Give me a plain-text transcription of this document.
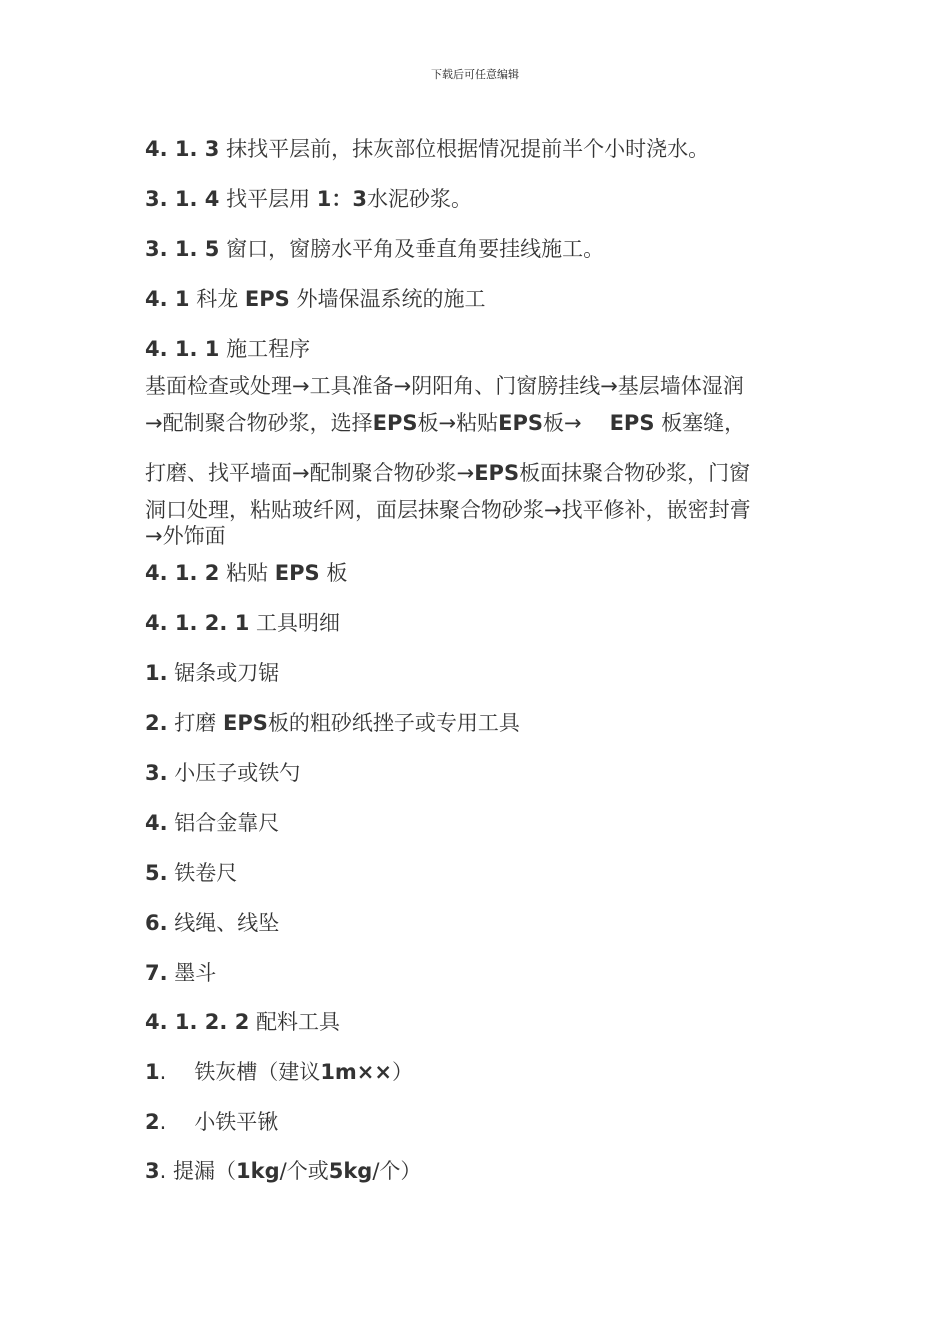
下载后可任意编辑
4. 1. 3 抹找平层前，抹灰部位根据情况提前半个小时浇水。
3. 1. 4 找平层用 1：3水泥砂浆。
3. 1. 5 窗口，窗膀水平角及垂直角要挂线施工。
4. 1 科龙 EPS 外墙保温系统的施工
4. 1. 1 施工程序
基面检查或处理→工具准备→阴阳角、门窗膀挂线→基层墙体湿润
→配制聚合物砂浆，选择EPS板→粘贴EPS板→ EPS 板塞缝，
打磨、找平墙面→配制聚合物砂浆→EPS板面抹聚合物砂浆，门窗
洞口处理，粘贴玻纤网，面层抹聚合物砂浆→找平修补，嵌密封膏
→外饰面
4. 1. 2 粘贴 EPS 板
4. 1. 2. 1 工具明细
1. 锯条或刀锯
2. 打磨 EPS板的粗砂纸挫子或专用工具
3. 小压子或铁勺
4. 铝合金靠尺
5. 铁卷尺
6. 线绳、线坠
7. 墨斗
4. 1. 2. 2 配料工具
1. 铁灰槽（建议1m××）
2. 小铁平锹
3. 提漏（1kg/个或5kg/个）
